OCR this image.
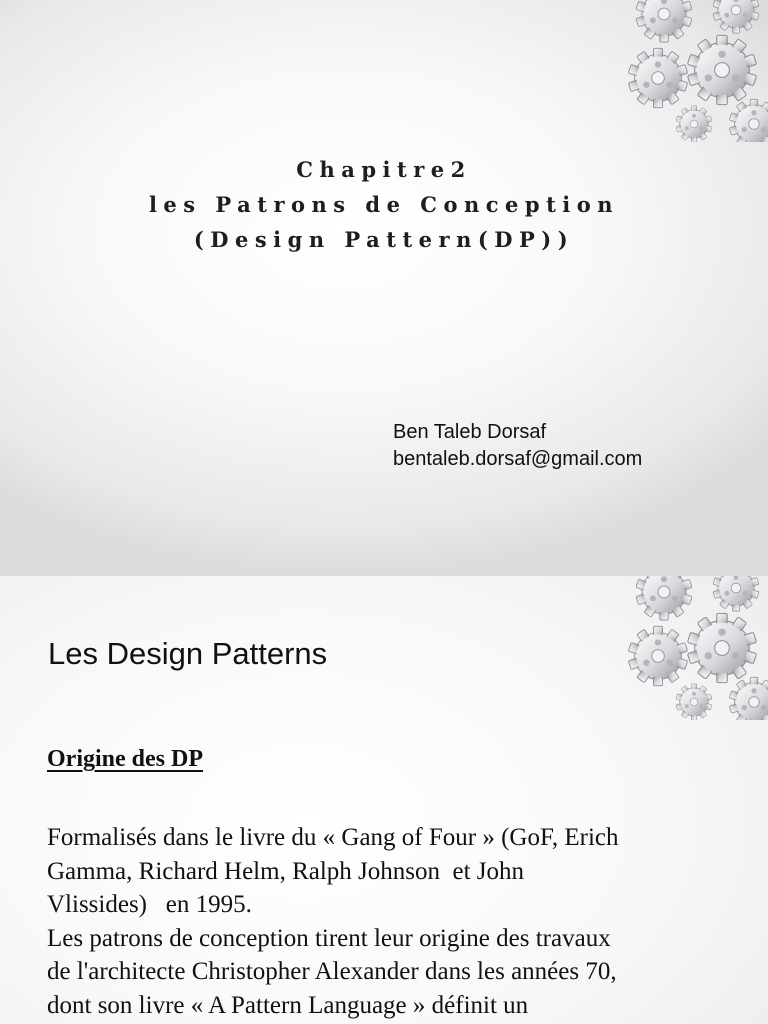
Chapitre2
les Patrons de Conception
(Design Pattern(DP))
Ben Taleb Dorsaf
bentaleb.dorsaf@gmail.com
Les Design Patterns
Origine des DP
Formalisés dans le livre du « Gang of Four » (GoF, Erich
Gamma, Richard Helm, Ralph Johnson  et John
Vlissides)   en 1995.
Les patrons de conception tirent leur origine des travaux
de l'architecte Christopher Alexander dans les années 70,
dont son livre « A Pattern Language » définit un
